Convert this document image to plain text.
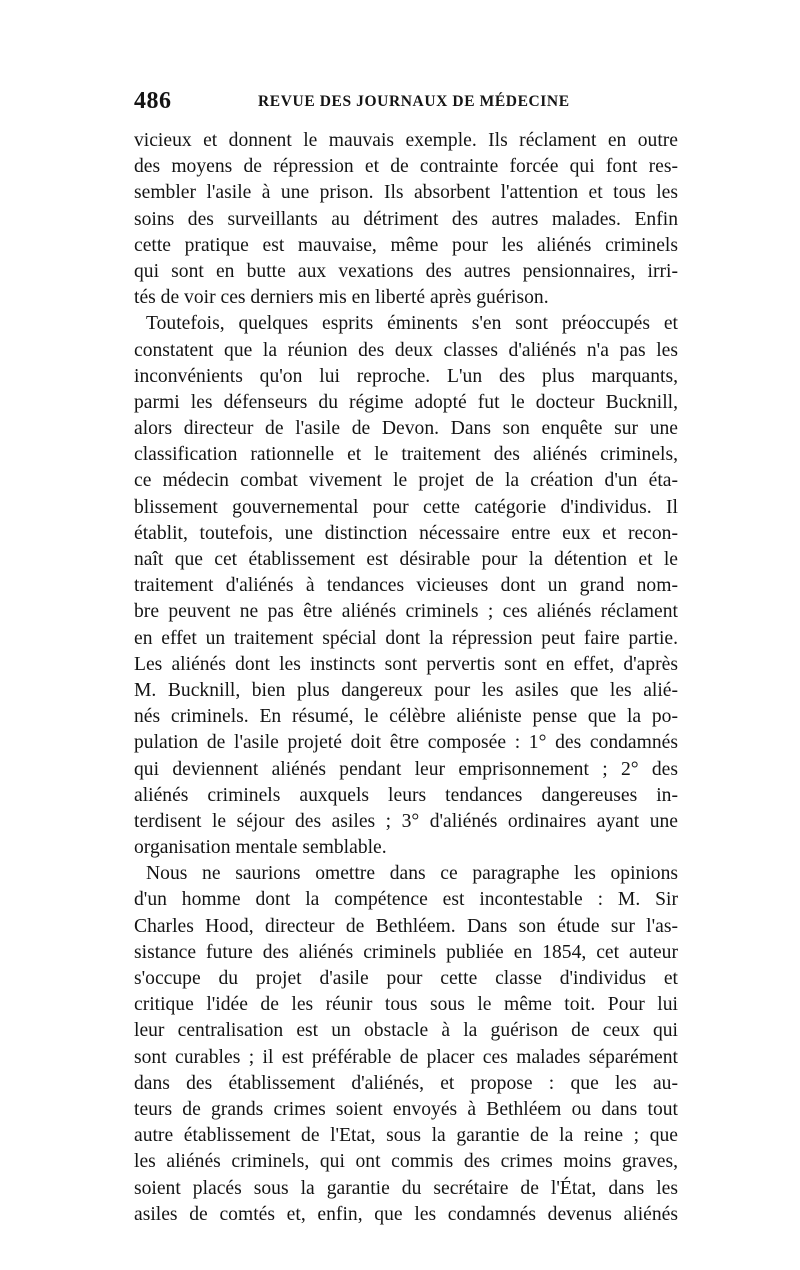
486	REVUE DES JOURNAUX DE MÉDECINE
vicieux et donnent le mauvais exemple. Ils réclament en outre
des moyens de répression et de contrainte forcée qui font res-
sembler l'asile à une prison. Ils absorbent l'attention et tous les
soins des surveillants au détriment des autres malades. Enfin
cette pratique est mauvaise, même pour les aliénés criminels
qui sont en butte aux vexations des autres pensionnaires, irri-
tés de voir ces derniers mis en liberté après guérison.
Toutefois, quelques esprits éminents s'en sont préoccupés et
constatent que la réunion des deux classes d'aliénés n'a pas les
inconvénients qu'on lui reproche. L'un des plus marquants,
parmi les défenseurs du régime adopté fut le docteur Bucknill,
alors directeur de l'asile de Devon. Dans son enquête sur une
classification rationnelle et le traitement des aliénés criminels,
ce médecin combat vivement le projet de la création d'un éta-
blissement gouvernemental pour cette catégorie d'individus. Il
établit, toutefois, une distinction nécessaire entre eux et recon-
naît que cet établissement est désirable pour la détention et le
traitement d'aliénés à tendances vicieuses dont un grand nom-
bre peuvent ne pas être aliénés criminels ; ces aliénés réclament
en effet un traitement spécial dont la répression peut faire partie.
Les aliénés dont les instincts sont pervertis sont en effet, d'après
M. Bucknill, bien plus dangereux pour les asiles que les alié-
nés criminels. En résumé, le célèbre aliéniste pense que la po-
pulation de l'asile projeté doit être composée : 1° des condamnés
qui deviennent aliénés pendant leur emprisonnement ; 2° des
aliénés criminels auxquels leurs tendances dangereuses in-
terdisent le séjour des asiles ; 3° d'aliénés ordinaires ayant une
organisation mentale semblable.
Nous ne saurions omettre dans ce paragraphe les opinions
d'un homme dont la compétence est incontestable : M. Sir
Charles Hood, directeur de Bethléem. Dans son étude sur l'as-
sistance future des aliénés criminels publiée en 1854, cet auteur
s'occupe du projet d'asile pour cette classe d'individus et
critique l'idée de les réunir tous sous le même toit. Pour lui
leur centralisation est un obstacle à la guérison de ceux qui
sont curables ; il est préférable de placer ces malades séparément
dans des établissement d'aliénés, et propose : que les au-
teurs de grands crimes soient envoyés à Bethléem ou dans tout
autre établissement de l'Etat, sous la garantie de la reine ; que
les aliénés criminels, qui ont commis des crimes moins graves,
soient placés sous la garantie du secrétaire de l'État, dans les
asiles de comtés et, enfin, que les condamnés devenus aliénés
